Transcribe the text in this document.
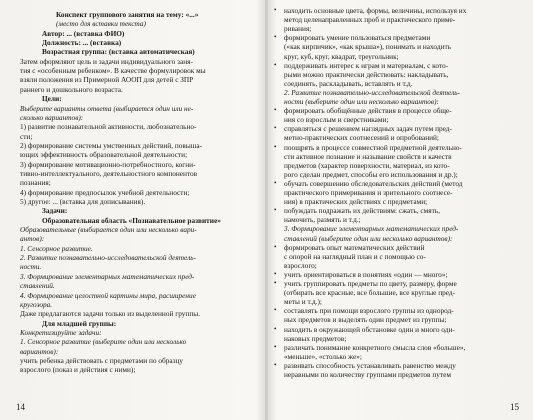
Конспект группового занятия на тему: «...»
(место для вставки текста)
Автор: ... (вставка ФИО)
Должность: ... (вставка)
Возрастная группа: (вставка автоматическая)
Затем оформляют цель и задачи индивидуального заня-
тия с «особенным ребенком». В качестве формулировок мы
взяли положения из Примерной АООП для детей с ЗПР
раннего и дошкольного возраста.
Цели:
Выберите варианты ответа (выбирается один или не-
сколько вариантов):
1) развитие познавательной активности, любознательно-
сти;
2) формирование системы умственных действий, повыша-
ющих эффективность образовательной деятельности;
3) формирование мотивационно-потребностного, когни-
тивно-интеллектуального, деятельностного компонентов
познания;
4) формирование предпосылок учебной деятельности;
5) другое: ... (вставка для дописывания).
Задачи:
Образовательная область «Познавательное развитие»
Образовательные (выбирается один или несколько вари-
антов):
1. Сенсорное развитие.
2. Развитие познавательно-исследовательской деятель-
ности.
3. Формирование элементарных математических пред-
ставлений.
4. Формирование целостной картины мира, расширение
кругозора.
Даже предлагаются задачи только из выделенной группы.
Для младшей группы:
Конкретизируйте задачи:
1. Сенсорное развитие (выберите один или несколько
вариантов):
учить ребенка действовать с предметами по образцу
взрослого (показ и действия с ними);
14
• находить основные цвета, формы, величины, используя их
метод целенаправленных проб и практического приме-
ривания;
• формировать умение пользоваться предметами
(«как кирпичик», «как крыша»), понимать и находить
круг, куб, круг, квадрат, треугольник;
• поддерживать интерес к играм и материалам, с кото-
рыми можно практически действовать: накладывать,
соединять, раскладывать, вставлять и т.д.
2. Развитие познавательно-исследовательской деятель-
ности (выберите один или несколько вариантов):
• формировать обобщённые действия в процессе обще-
ния со взрослым и сверстниками;
• справляться с решением наглядных задач путем пред-
метно-практических соотнесений и опробований;
• поощрять в процессе совместной предметной деятельно-
сти активное познание и называние свойств и качеств
предметов (характер поверхности, материал, из кото-
рого сделан предмет, способы его использования и др.);
• обучать совершению обследовательских действий (метод
практического примеривания и зрительного соотнесе-
ния) в практических действиях с предметами;
• побуждать подражать их действиям: сжать, смять,
намочить, размять и т.д.;
3. Формирование элементарных математических пред-
ставлений (выберите один или несколько вариантов):
• формировать опыт математических действий
с опорой на наглядный план и с помощью со-
взрослого;
• учить ориентироваться в понятиях «один — много»;
• учить группировать предметы по цвету, размеру, форме
(отбирать все красные, все большие, все круглые пред-
меты и т.д.);
• составлять при помощи взрослого группы из однород-
ных предметов и выделять один предмет из группы;
• находить в окружающей обстановке один и много оди-
наковых предметов;
• различать понимание конкретного смысла слов «больше»,
«меньше», «столько же»;
• развивать способность устанавливать равенство между
неравными по количеству группами предметов путем
15
